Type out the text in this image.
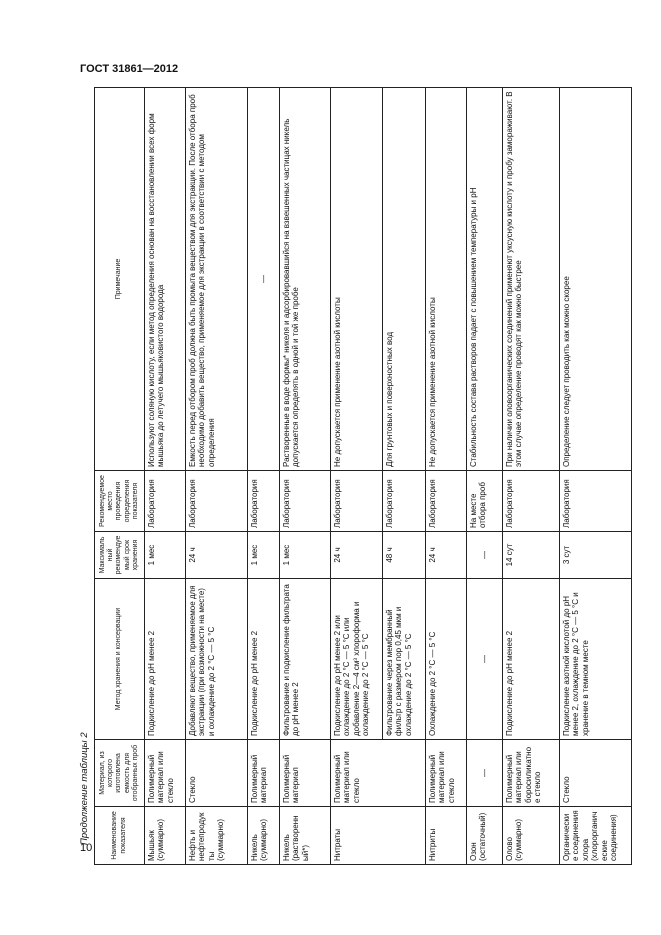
ГОСТ 31861—2012
10
Продолжение таблицы 2	Наименование показателя	Материал, из которого изготовлена емкость для отобранных проб	Метод хранения и консервации	Максимальный рекомендуемый срок хранения	Рекомендуемое место проведения определения показателя	Примечание
Мышьяк (суммарно)	Полимерный материал или стекло	Подкисление до рН менее 2	1 мес	Лаборатория	Используют соляную кислоту, если метод определения основан на восстановлении всех форм мышьяка до летучего мышьяковистого водорода
Нефть и нефтепродукты (суммарно)	Стекло	Добавляют вещество, применяемое для экстракции (при возможности на месте) и охлаждение до 2 °С — 5 °С	24 ч	Лаборатория	Емкость перед отбором проб должна быть промыта веществом для экстракции. После отбора проб необходимо добавить вещество, применяемое для экстракции в соответствии с методом определения
Никель (суммарно)	Полимерный материал	Подкисление до рН менее 2	1 мес	Лаборатория	—
Никель (растворенный*)	Полимерный материал	Фильтрование и подкисление фильтрата до рН менее 2	1 мес	Лаборатория	Растворенные в воде формы* никеля и адсорбировавшийся на взвешенных частицах никель допускается определять в одной и той же пробе
Нитраты	Полимерный материал или стекло	Подкисление до рН менее 2 или охлаждение до 2 °С — 5 °С или добавление 2—4 см³ хлороформа и охлаждение до 2 °С — 5 °С	24 ч	Лаборатория	Не допускается применение азотной кислоты
		Фильтрование через мембранный фильтр с размером пор 0,45 мкм и охлаждение до 2 °С — 5 °С	48 ч	Лаборатория	Для грунтовых и поверхностных вод
Нитриты	Полимерный материал или стекло	Охлаждение до 2 °С — 5 °С	24 ч	Лаборатория	Не допускается применение азотной кислоты
Озон (остаточный)	—	—	—	На месте отбора проб	Стабильность состава растворов падает с повышением температуры и рН
Олово (суммарно)	Полимерный материал или боросиликатное стекло	Подкисление до рН менее 2	14 сут	Лаборатория	При наличии оловоорганических соединений применяют уксусную кислоту и пробу замораживают. В этом случае определение проводят как можно быстрее
Органические соединения хлора (хлорорганические соединения)	Стекло	Подкисление азотной кислотой до рН менее 2, охлаждение до 2 °С — 5 °С и хранение в темном месте	3 сут	Лаборатория	Определение следует проводить как можно скорее
